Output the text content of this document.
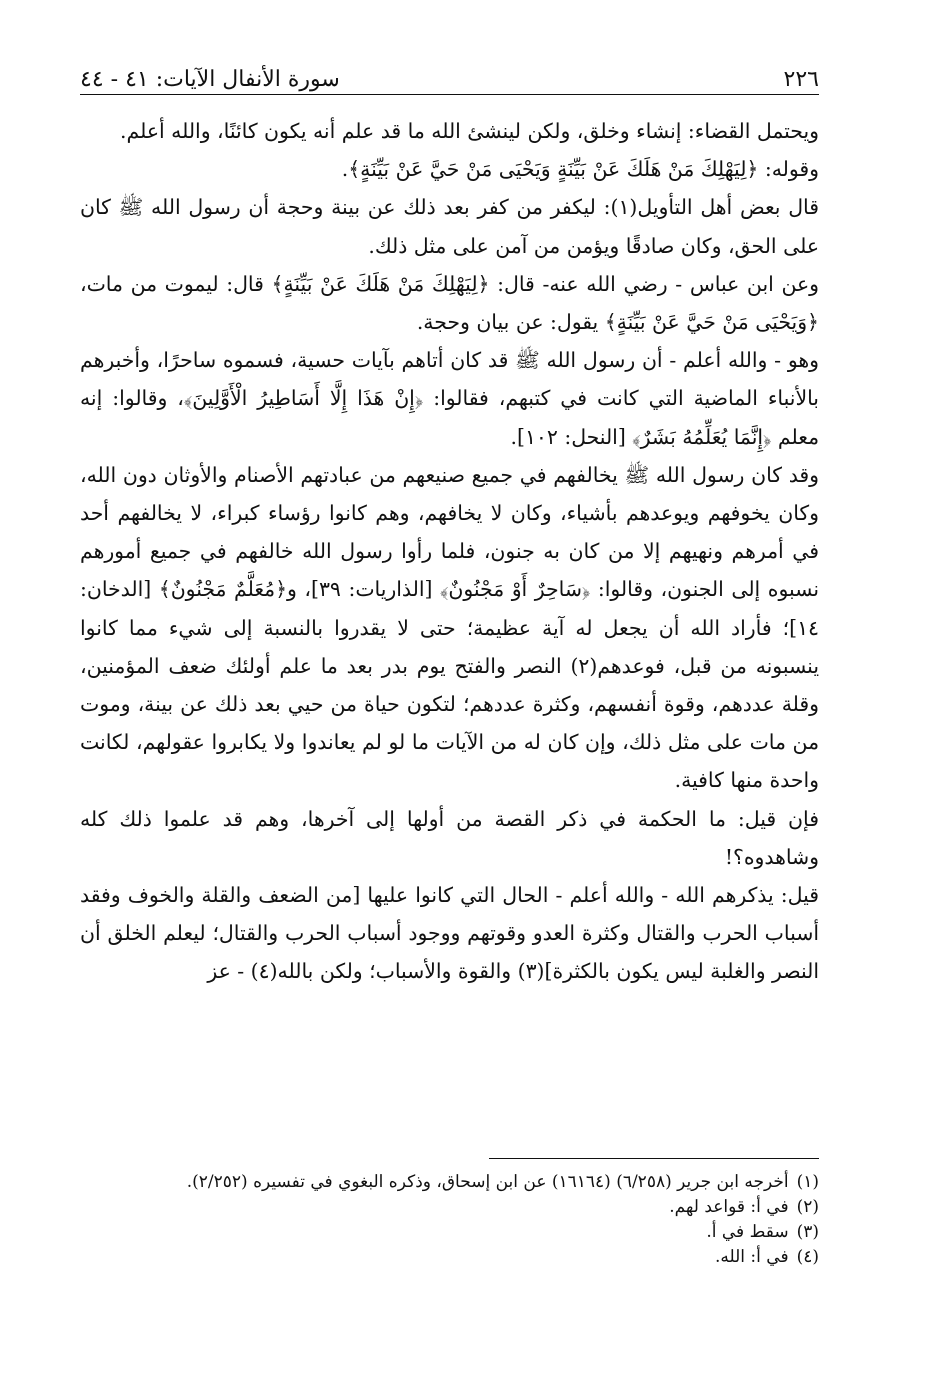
٢٢٦
سورة الأنفال الآيات: ٤١ - ٤٤

ويحتمل القضاء: إنشاء وخلق، ولكن لينشئ الله ما قد علم أنه يكون كائنًا، والله أعلم.

وقوله: ﴿لِيَهْلِكَ مَنْ هَلَكَ عَنْ بَيِّنَةٍ وَيَحْيَى مَنْ حَيَّ عَنْ بَيِّنَةٍ﴾.

قال بعض أهل التأويل(١): ليكفر من كفر بعد ذلك عن بينة وحجة أن رسول الله ﷺ كان على الحق، وكان صادقًا ويؤمن من آمن على مثل ذلك.

وعن ابن عباس - رضي الله عنه- قال: ﴿لِيَهْلِكَ مَنْ هَلَكَ عَنْ بَيِّنَةٍ﴾ قال: ليموت من مات، ﴿وَيَحْيَى مَنْ حَيَّ عَنْ بَيِّنَةٍ﴾ يقول: عن بيان وحجة.

وهو - والله أعلم - أن رسول الله ﷺ قد كان أتاهم بآيات حسية، فسموه ساحرًا، وأخبرهم بالأنباء الماضية التي كانت في كتبهم، فقالوا: ﴿إِنْ هَذَا إِلَّا أَسَاطِيرُ الْأَوَّلِينَ﴾، وقالوا: إنه معلم ﴿إِنَّمَا يُعَلِّمُهُ بَشَرٌ﴾ [النحل: ١٠٢].

وقد كان رسول الله ﷺ يخالفهم في جميع صنيعهم من عبادتهم الأصنام والأوثان دون الله، وكان يخوفهم ويوعدهم بأشياء، وكان لا يخافهم، وهم كانوا رؤساء كبراء، لا يخالفهم أحد في أمرهم ونهيهم إلا من كان به جنون، فلما رأوا رسول الله خالفهم في جميع أمورهم نسبوه إلى الجنون، وقالوا: ﴿سَاحِرٌ أَوْ مَجْنُونٌ﴾ [الذاريات: ٣٩]، و﴿مُعَلَّمٌ مَجْنُونٌ﴾ [الدخان: ١٤]؛ فأراد الله أن يجعل له آية عظيمة؛ حتى لا يقدروا بالنسبة إلى شيء مما كانوا ينسبونه من قبل، فوعدهم(٢) النصر والفتح يوم بدر بعد ما علم أولئك ضعف المؤمنين، وقلة عددهم، وقوة أنفسهم، وكثرة عددهم؛ لتكون حياة من حيي بعد ذلك عن بينة، وموت من مات على مثل ذلك، وإن كان له من الآيات ما لو لم يعاندوا ولا يكابروا عقولهم، لكانت واحدة منها كافية.

فإن قيل: ما الحكمة في ذكر القصة من أولها إلى آخرها، وهم قد علموا ذلك كله وشاهدوه؟!

قيل: يذكرهم الله - والله أعلم - الحال التي كانوا عليها [من الضعف والقلة والخوف وفقد أسباب الحرب والقتال وكثرة العدو وقوتهم ووجود أسباب الحرب والقتال؛ ليعلم الخلق أن النصر والغلبة ليس يكون بالكثرة](٣) والقوة والأسباب؛ ولكن بالله(٤) - عز

(١)
أخرجه ابن جرير (٦/٢٥٨) (١٦١٦٤) عن ابن إسحاق، وذكره البغوي في تفسيره (٢/٢٥٢).
(٢)
في أ: قواعد لهم.
(٣)
سقط في أ.
(٤)
في أ: الله.
